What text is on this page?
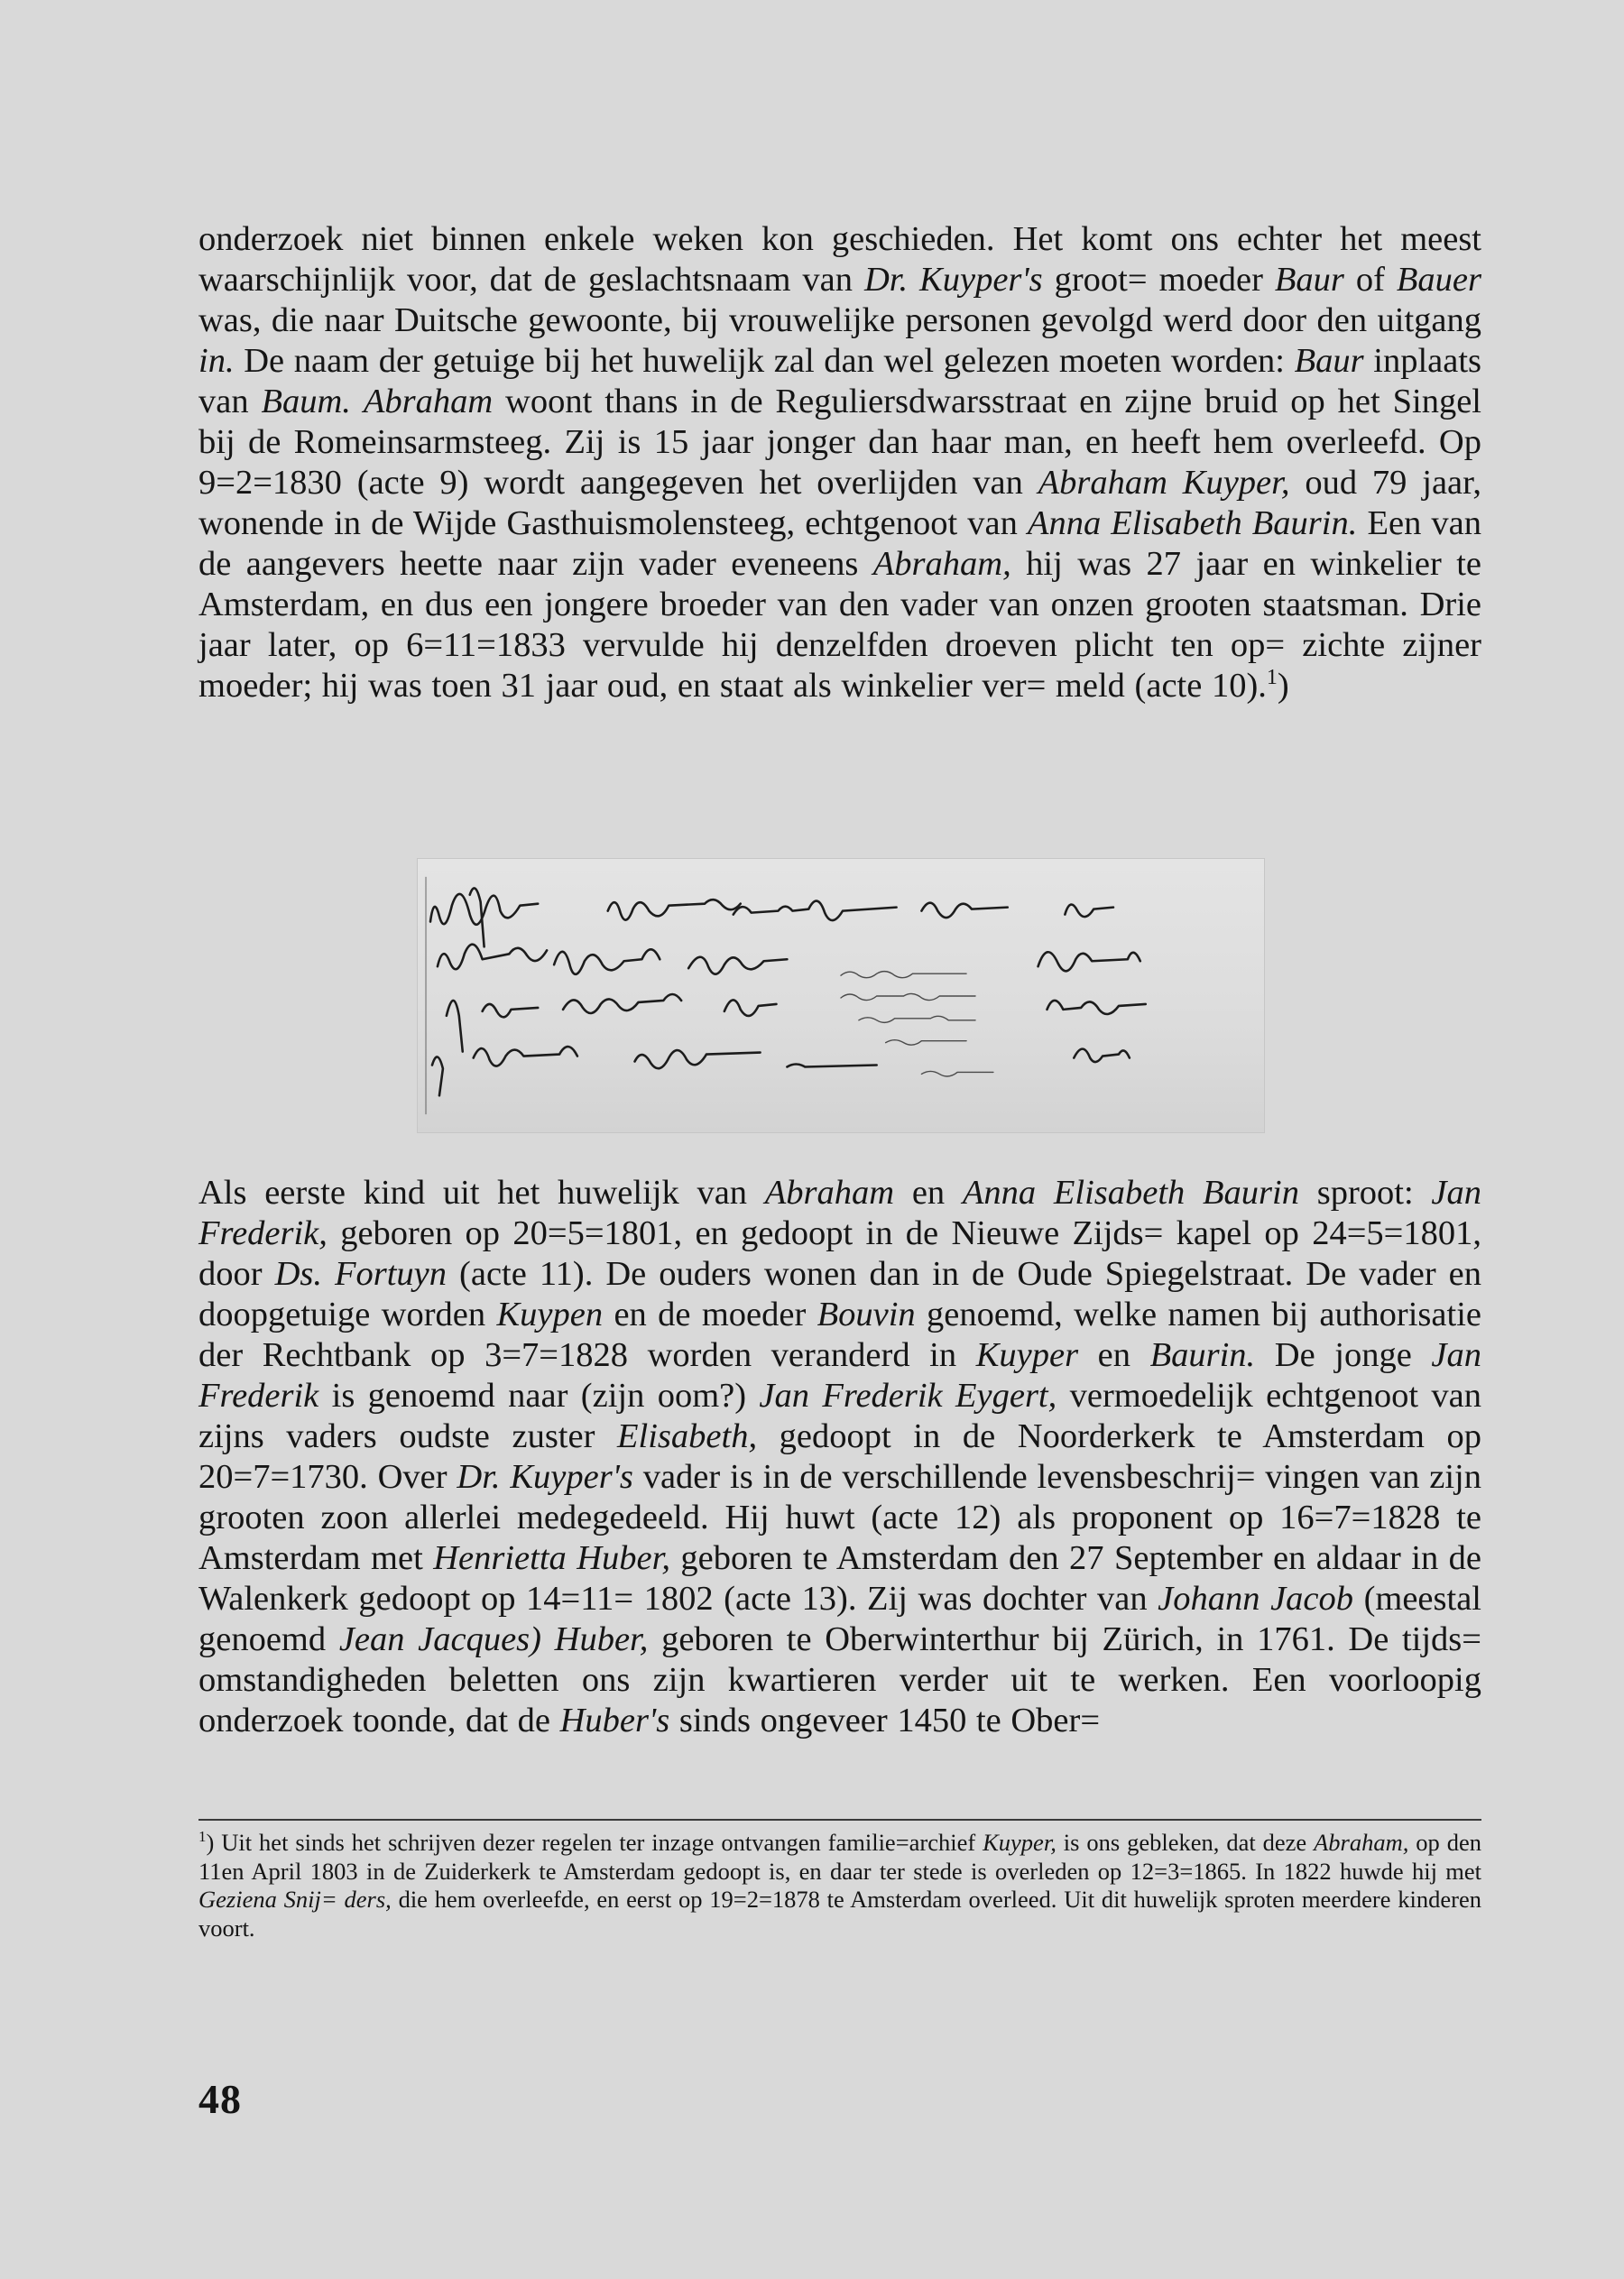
onderzoek niet binnen enkele weken kon geschieden. Het komt ons echter het meest waarschijnlijk voor, dat de geslachtsnaam van Dr. Kuyper's groot= moeder Baur of Bauer was, die naar Duitsche gewoonte, bij vrouwelijke personen gevolgd werd door den uitgang in. De naam der getuige bij het huwelijk zal dan wel gelezen moeten worden: Baur inplaats van Baum. Abraham woont thans in de Reguliersdwarsstraat en zijne bruid op het Singel bij de Romeinsarmsteeg. Zij is 15 jaar jonger dan haar man, en heeft hem overleefd. Op 9=2=1830 (acte 9) wordt aangegeven het overlijden van Abraham Kuyper, oud 79 jaar, wonende in de Wijde Gasthuismolensteeg, echtgenoot van Anna Elisabeth Baurin. Een van de aangevers heette naar zijn vader eveneens Abraham, hij was 27 jaar en winkelier te Amsterdam, en dus een jongere broeder van den vader van onzen grooten staatsman. Drie jaar later, op 6=11=1833 vervulde hij denzelfden droeven plicht ten op= zichte zijner moeder; hij was toen 31 jaar oud, en staat als winkelier ver= meld (acte 10).$^1$)

Als eerste kind uit het huwelijk van Abraham en Anna Elisabeth Baurin sproot: Jan Frederik, geboren op 20=5=1801, en gedoopt in de Nieuwe Zijds= kapel op 24=5=1801, door Ds. Fortuyn (acte 11). De ouders wonen dan in de Oude Spiegelstraat. De vader en doopgetuige worden Kuypen en de moeder Bouvin genoemd, welke namen bij authorisatie der Rechtbank op 3=7=1828 worden veranderd in Kuyper en Baurin. De jonge Jan Frederik is genoemd naar (zijn oom?) Jan Frederik Eygert, vermoedelijk echtgenoot van zijns vaders oudste zuster Elisabeth, gedoopt in de Noorderkerk te Amsterdam op 20=7=1730. Over Dr. Kuyper's vader is in de verschillende levensbeschrij= vingen van zijn grooten zoon allerlei medegedeeld. Hij huwt (acte 12) als proponent op 16=7=1828 te Amsterdam met Henrietta Huber, geboren te Amsterdam den 27 September en aldaar in de Walenkerk gedoopt op 14=11= 1802 (acte 13). Zij was dochter van Johann Jacob (meestal genoemd Jean Jacques) Huber, geboren te Oberwinterthur bij Zürich, in 1761. De tijds= omstandigheden beletten ons zijn kwartieren verder uit te werken. Een voorloopig onderzoek toonde, dat de Huber's sinds ongeveer 1450 te Ober=

$^1$) Uit het sinds het schrijven dezer regelen ter inzage ontvangen familie=archief Kuyper, is ons gebleken, dat deze Abraham, op den 11en April 1803 in de Zuiderkerk te Amsterdam gedoopt is, en daar ter stede is overleden op 12=3=1865. In 1822 huwde hij met Geziena Snij= ders, die hem overleefde, en eerst op 19=2=1878 te Amsterdam overleed. Uit dit huwelijk sproten meerdere kinderen voort.

48
